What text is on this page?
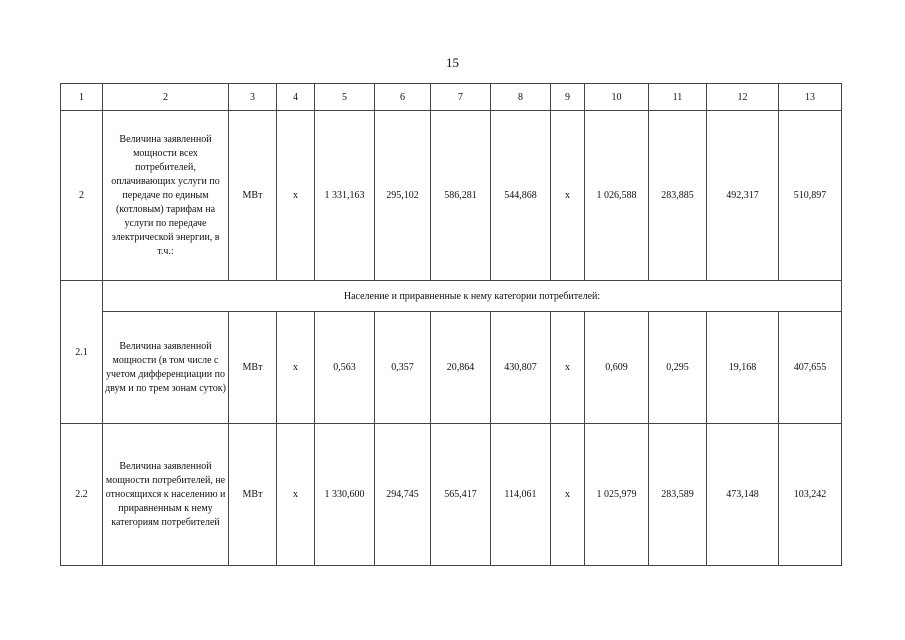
15
1	2	3	4	5	6	7	8	9	10	11	12	13
2	Величина заявленной мощности всех потребителей, оплачивающих услуги по передаче по единым (котловым) тарифам на услуги по передаче электрической энергии, в т.ч.:	МВт	x	1 331,163	295,102	586,281	544,868	x	1 026,588	283,885	492,317	510,897
2.1	Население и приравненные к нему категории потребителей:											
	Величина заявленной мощности (в том числе с учетом дифференциации по двум и по трем зонам суток)	МВт	x	0,563	0,357	20,864	430,807	x	0,609	0,295	19,168	407,655
2.2	Величина заявленной мощности потребителей, не относящихся к населению и приравненным к нему категориям потребителей	МВт	x	1 330,600	294,745	565,417	114,061	x	1 025,979	283,589	473,148	103,242
